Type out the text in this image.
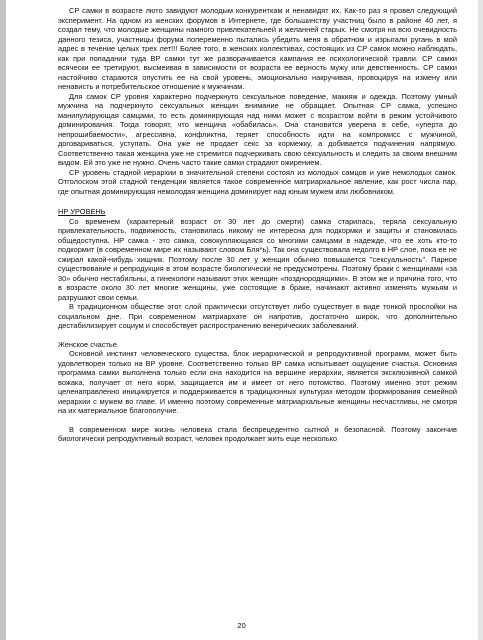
СР самки в возрасте люто завидуют молодым конкуренткам и ненавидят их. Как-то раз я провел следующий эксперимент. На одном из женских форумов в Интернете, где большинству участниц было в районе 40 лет, я создал тему, что молодые женщины намного привлекательней и желанней старых. Не смотря на всю очевидность данного тезиса, участницы форума попеременно пытались убедить меня в обратном и изрыгали ругань в мой адрес в течение целых трех лет!!! Более того, в женских коллективах, состоящих из СР самок можно наблюдать, как при попадании туда ВР самки тут же разворачивается кампания ее психологической травли. СР самки всячески ее третируют, высмеивая в зависимости от возраста ее верность мужу или девственность. СР самки настойчиво стараются опустить ее на свой уровень, эмоционально накручивая, провоцируя на измену или ненависть и потребительское отношение к мужчинам.

Для самок СР уровня характерно подчеркнуто сексуальное поведение, макияж и одежда. Поэтому умный мужчина на подчеркнуто сексуальных женщин внимание не обращает. Опытная СР самка, успешно манипулирующая самцами, то есть доминирующая над ними может с возрастом войти в режим устойчивого доминирования. Тогда говорят, что женщина «обабилась». Она становится уверена в себе, «упертa до непрошибаемости», агрессивна, конфликтна, теряет способность идти на компромисс с мужчиной, договариваться, уступать. Она уже не продает секс за кормежку, а добивается подчинения напрямую. Соответственно такая женщина уже не стремится подчеркивать свою сексуальность и следить за своим внешним видом. Ей это уже не нужно. Очень часто такие самки страдают ожирением.

СР уровень стадной иерархии в значительной степени состоял из молодых самцов и уже немолодых самок. Отголоском этой стадной тенденции является такое современное матриархальное явление, как рост числа пар, где опытная доминирующая немолодая женщина доминирует над юным мужем или любовником.

НР УРОВЕНЬ

Со временем (характерный возраст от 30 лет до смерти) самка старилась, теряла сексуальную привлекательность, подвижность, становилась никому не интересна для подкормки и защиты и становилась общедоступна. НР самка - это самка, совокупляющаяся со многими самцами в надежде, что ее хоть кто-то подкормит (в современном мире их называют словом Бля*ь). Так она существовала недолго в НР слое, пока ее не сжирал какой-нибудь хищник. Поэтому после 30 лет у женщин обычно повышается "сексуальность". Парное существование и репродукция в этом возрасте биологически не предусмотрены. Поэтому браки с женщинами «за 30» обычно нестабильны, а гинекологи называют этих женщин «позднородящими». В этом же и причина того, что в возрасте около 30 лет многие женщины, уже состоящие в браке, начинают активно изменять мужьям и разрушают свои семьи.

В традиционном обществе этот слой практически отсутствует либо существует в виде тонкой прослойки на социальном дне. При современном матриархате он напротив, достаточно широк, что дополнительно дестабилизирует социум и способствует распространению венерических заболеваний.

Женское счастье.

Основной инстинкт человеческого существа, блок иерархической и репродуктивной программ, может быть удовлетворен только на ВР уровне. Соответственно только ВР самка испытывает ощущение счастья. Основная программа самки выполнена только если она находится на вершине иерархии, является эксклюзивной самкой вожака, получает от него корм, защищается им и имеет от него потомство. Поэтому именно этот режим целенаправленно инициируется и поддерживается в традиционных культурах методом формирования семейной иерархии с мужем во главе. И именно поэтому современные матриархальные женщины несчастливы, не смотря на их материальное благополучие.

В современном мире жизнь человека стала беспрецедентно сытной и безопасной. Поэтому закончив биологически репродуктивный возраст, человек продолжает жить еще несколько

20
